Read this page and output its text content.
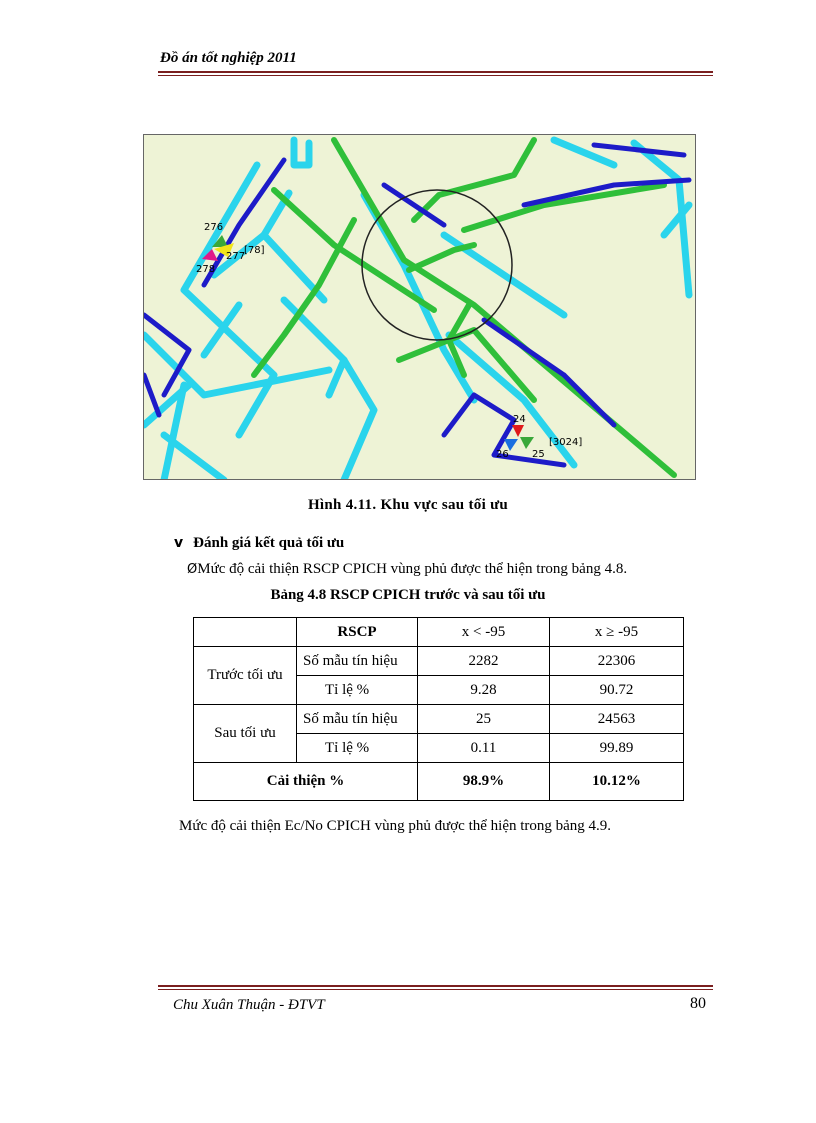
Đồ án tốt nghiệp 2011
276
277
[78]
278
24
[3024]
26 25
Hình 4.11. Khu vực sau tối ưu
v Đánh giá kết quả tối ưu
ØMức độ cải thiện RSCP CPICH vùng phủ được thể hiện trong bảng 4.8.
Bảng 4.8 RSCP CPICH trước và sau tối ưu
	RSCP	x < -95	x ≥ -95
Trước tối ưu	Số mẫu tín hiệu	2282	22306
	Tỉ lệ %	9.28	90.72
Sau tối ưu	Số mẫu tín hiệu	25	24563
	Tỉ lệ %	0.11	99.89
Cải thiện %		98.9%	10.12%
Mức độ cải thiện Ec/No CPICH vùng phủ được thể hiện trong bảng 4.9.
Chu Xuân Thuận - ĐTVT	80
